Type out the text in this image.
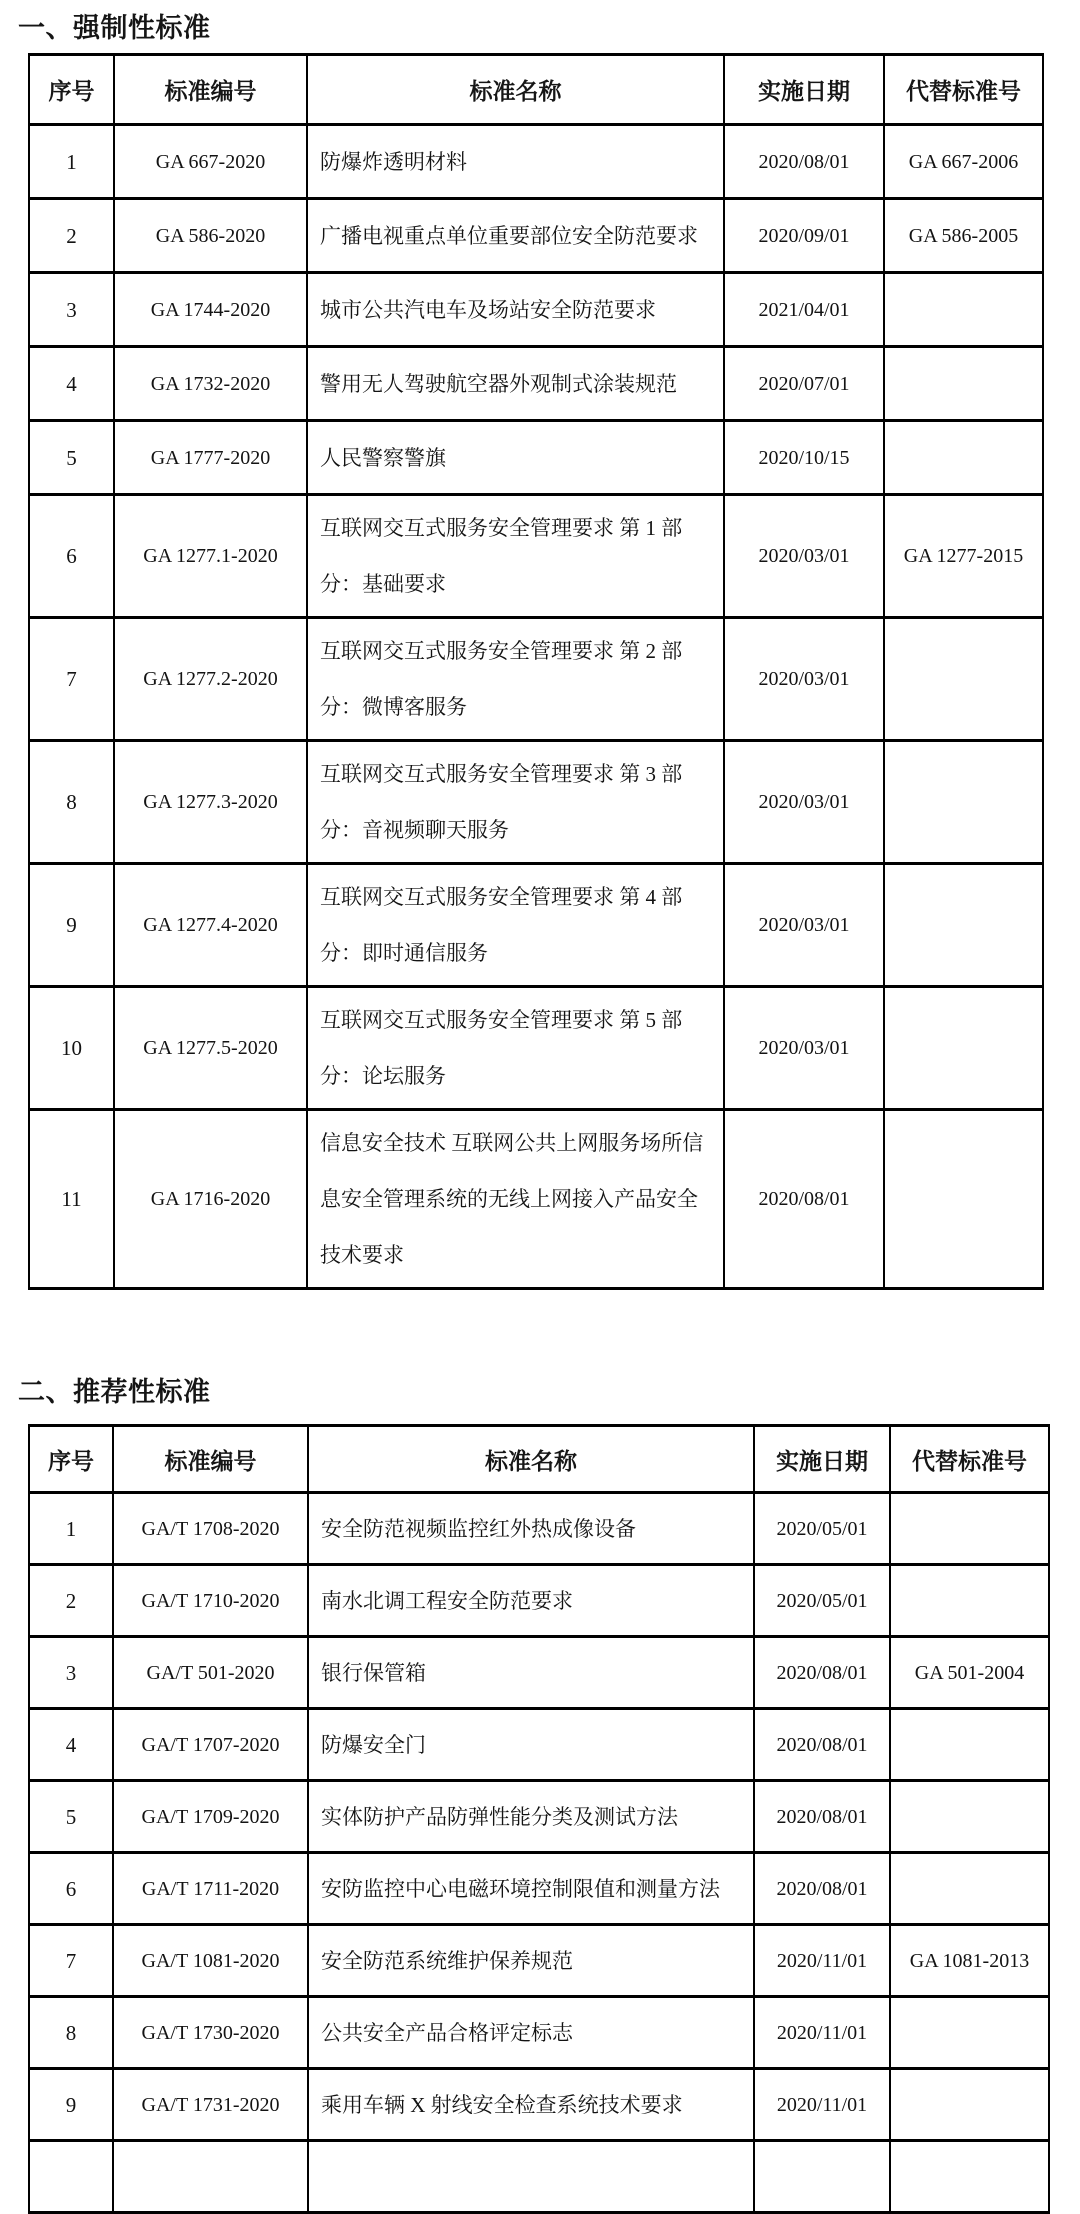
一、强制性标准
序号	标准编号	标准名称	实施日期	代替标准号
1	GA 667-2020	防爆炸透明材料	2020/08/01	GA 667-2006
2	GA 586-2020	广播电视重点单位重要部位安全防范要求	2020/09/01	GA 586-2005
3	GA 1744-2020	城市公共汽电车及场站安全防范要求	2021/04/01	
4	GA 1732-2020	警用无人驾驶航空器外观制式涂装规范	2020/07/01	
5	GA 1777-2020	人民警察警旗	2020/10/15	
6	GA 1277.1-2020	互联网交互式服务安全管理要求 第 1 部分：基础要求	2020/03/01	GA 1277-2015
7	GA 1277.2-2020	互联网交互式服务安全管理要求 第 2 部分：微博客服务	2020/03/01	
8	GA 1277.3-2020	互联网交互式服务安全管理要求 第 3 部分：音视频聊天服务	2020/03/01	
9	GA 1277.4-2020	互联网交互式服务安全管理要求 第 4 部分：即时通信服务	2020/03/01	
10	GA 1277.5-2020	互联网交互式服务安全管理要求 第 5 部分：论坛服务	2020/03/01	
11	GA 1716-2020	信息安全技术 互联网公共上网服务场所信息安全管理系统的无线上网接入产品安全技术要求	2020/08/01	
二、推荐性标准
序号	标准编号	标准名称	实施日期	代替标准号
1	GA/T 1708-2020	安全防范视频监控红外热成像设备	2020/05/01	
2	GA/T 1710-2020	南水北调工程安全防范要求	2020/05/01	
3	GA/T 501-2020	银行保管箱	2020/08/01	GA 501-2004
4	GA/T 1707-2020	防爆安全门	2020/08/01	
5	GA/T 1709-2020	实体防护产品防弹性能分类及测试方法	2020/08/01	
6	GA/T 1711-2020	安防监控中心电磁环境控制限值和测量方法	2020/08/01	
7	GA/T 1081-2020	安全防范系统维护保养规范	2020/11/01	GA 1081-2013
8	GA/T 1730-2020	公共安全产品合格评定标志	2020/11/01	
9	GA/T 1731-2020	乘用车辆 X 射线安全检查系统技术要求	2020/11/01	
